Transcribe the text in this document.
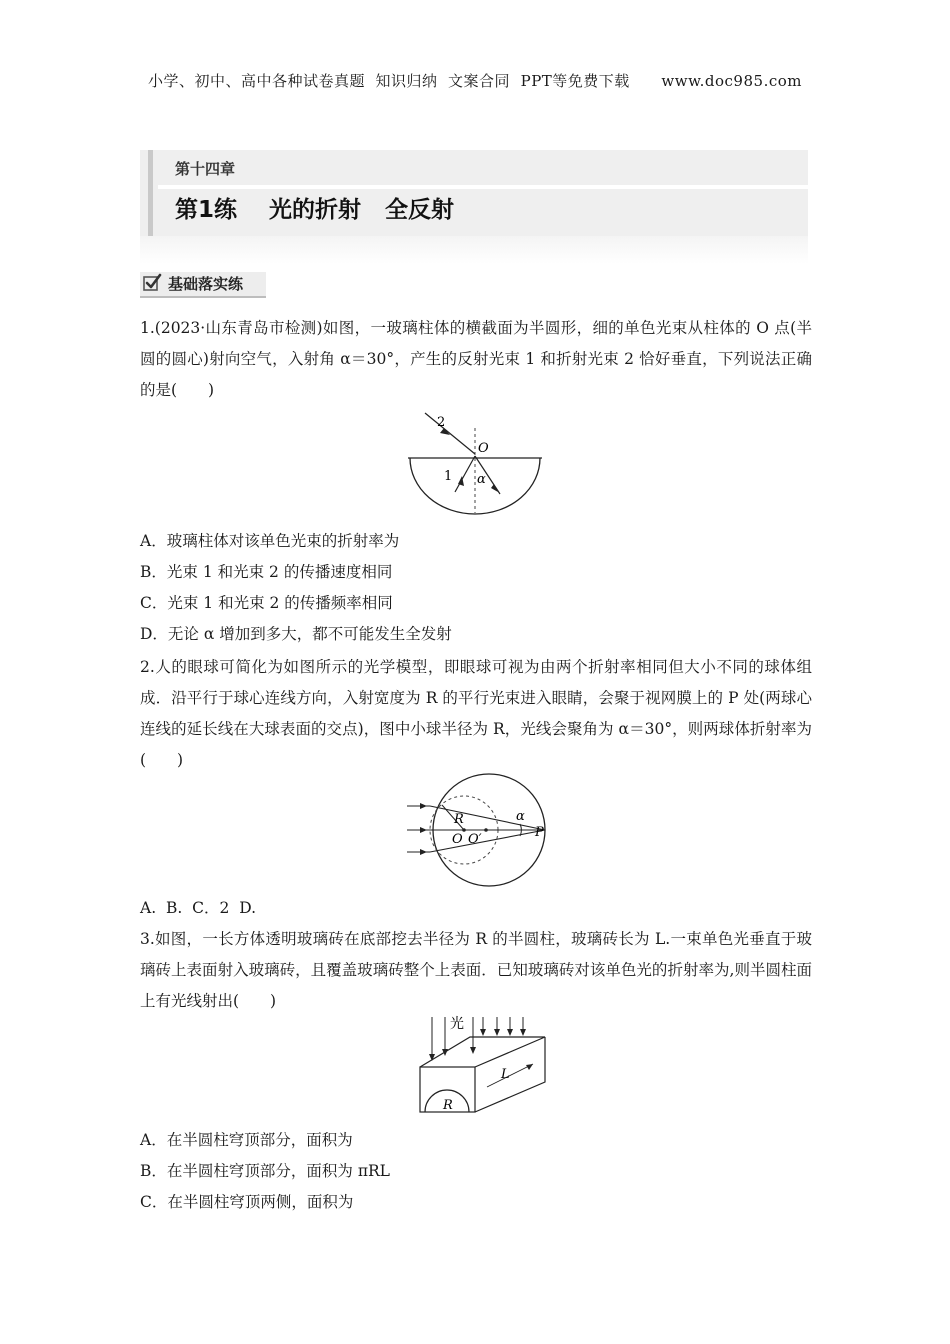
小学、初中、高中各种试卷真题  知识归纳  文案合同  PPT等免费下载      www.doc985.com
第十四章
第1练    光的折射   全反射
基础落实练
1.(2023·山东青岛市检测)如图，一玻璃柱体的横截面为半圆形，细的单色光束从柱体的 O 点(半圆的圆心)射向空气，入射角 α＝30°，产生的反射光束 1 和折射光束 2 恰好垂直，下列说法正确的是(　　)
2
O
1 α
A．玻璃柱体对该单色光束的折射率为
B．光束 1 和光束 2 的传播速度相同
C．光束 1 和光束 2 的传播频率相同
D．无论 α 增加到多大，都不可能发生全发射
2.人的眼球可简化为如图所示的光学模型，即眼球可视为由两个折射率相同但大小不同的球体组成．沿平行于球心连线方向，入射宽度为 R 的平行光束进入眼睛，会聚于视网膜上的 P 处(两球心连线的延长线在大球表面的交点)，图中小球半径为 R，光线会聚角为 α＝30°，则两球体折射率为(　　)
R
O O′
α
P
A.  B.  C．2  D.
3.如图，一长方体透明玻璃砖在底部挖去半径为 R 的半圆柱，玻璃砖长为 L.一束单色光垂直于玻璃砖上表面射入玻璃砖，且覆盖玻璃砖整个上表面．已知玻璃砖对该单色光的折射率为,则半圆柱面上有光线射出(　　)
光
L
R
A．在半圆柱穹顶部分，面积为
B．在半圆柱穹顶部分，面积为 πRL
C．在半圆柱穹顶两侧，面积为
